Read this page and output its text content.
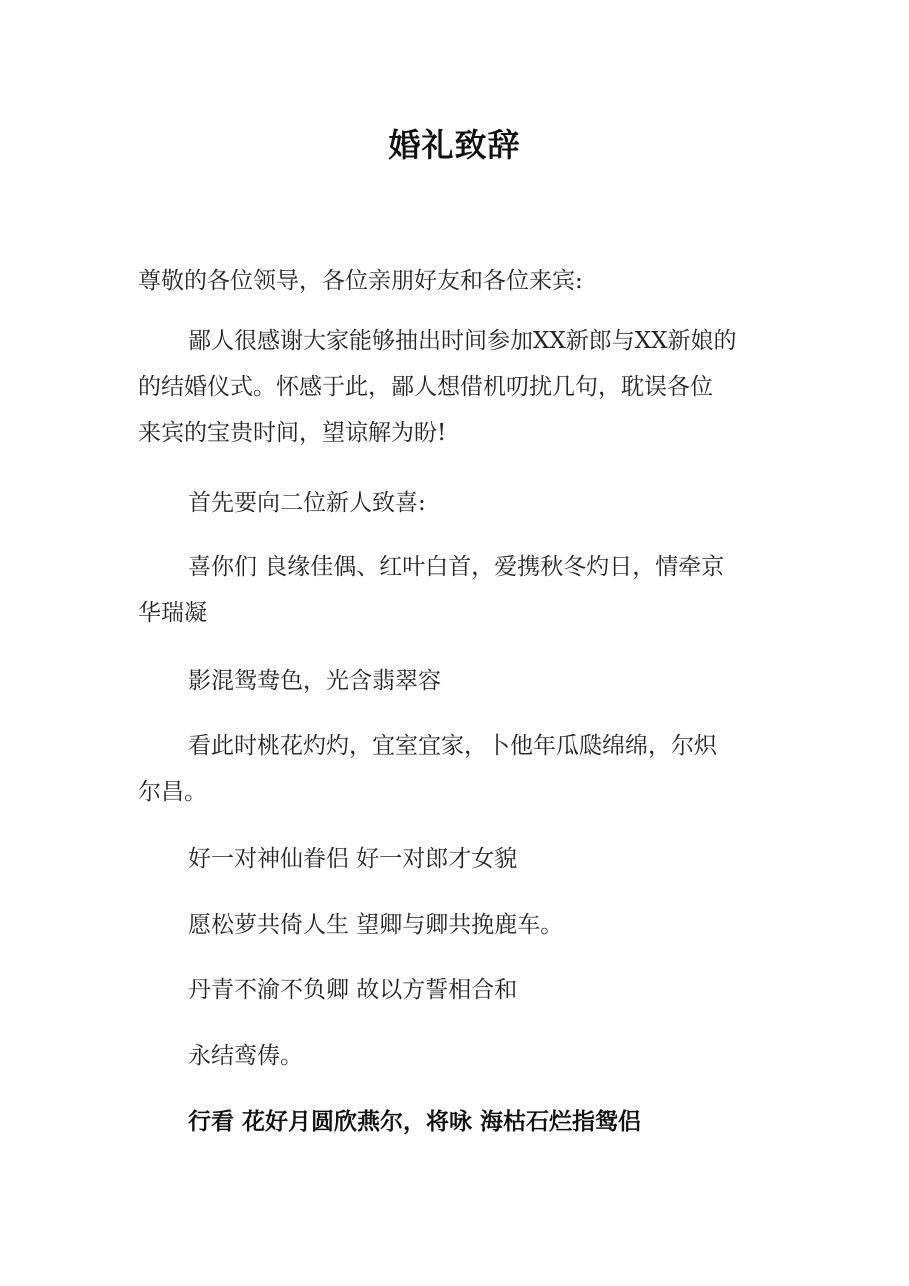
婚礼致辞

尊敬的各位领导，各位亲朋好友和各位来宾:

鄙人很感谢大家能够抽出时间参加XX新郎与XX新娘的
的结婚仪式。怀感于此，鄙人想借机叨扰几句，耽误各位
来宾的宝贵时间，望谅解为盼!

首先要向二位新人致喜:

喜你们 良缘佳偶、红叶白首，爱携秋冬灼日，情牵京
华瑞凝

影混鸳鸯色，光含翡翠容

看此时桃花灼灼，宜室宜家，卜他年瓜瓞绵绵，尔炽
尔昌。

好一对神仙眷侣 好一对郎才女貌

愿松萝共倚人生 望卿与卿共挽鹿车。

丹青不渝不负卿 故以方誓相合和

永结鸾俦。

行看 花好月圆欣燕尔，将咏 海枯石烂指鸳侣
